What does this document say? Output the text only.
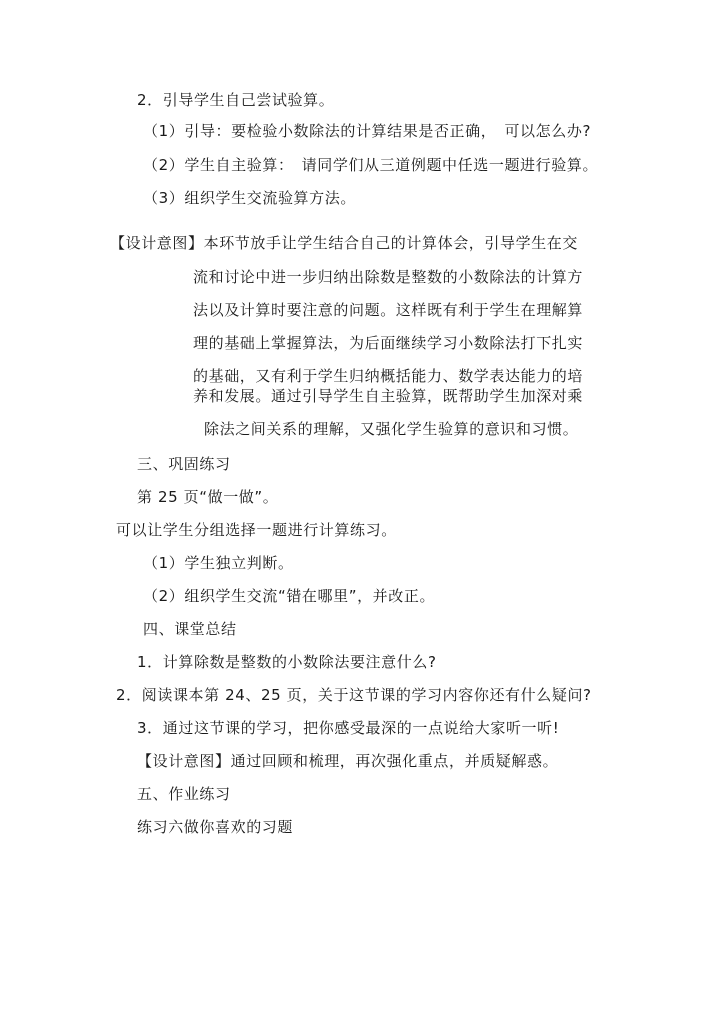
2．引导学生自己尝试验算。
（1）引导：要检验小数除法的计算结果是否正确，　可以怎么办?
（2）学生自主验算：　请同学们从三道例题中任选一题进行验算。
（3）组织学生交流验算方法。
【设计意图】本环节放手让学生结合自己的计算体会，引导学生在交
流和讨论中进一步归纳出除数是整数的小数除法的计算方
法以及计算时要注意的问题。这样既有利于学生在理解算
理的基础上掌握算法，为后面继续学习小数除法打下扎实
的基础，又有利于学生归纳概括能力、数学表达能力的培
养和发展。通过引导学生自主验算，既帮助学生加深对乘
除法之间关系的理解，又强化学生验算的意识和习惯。
三、巩固练习
第 25 页“做一做”。
可以让学生分组选择一题进行计算练习。
（1）学生独立判断。
（2）组织学生交流“错在哪里”，并改正。
四、课堂总结
1．计算除数是整数的小数除法要注意什么?
2．阅读课本第 24、25 页，关于这节课的学习内容你还有什么疑问?
3．通过这节课的学习，把你感受最深的一点说给大家听一听!
【设计意图】通过回顾和梳理，再次强化重点，并质疑解惑。
五、作业练习
练习六做你喜欢的习题
